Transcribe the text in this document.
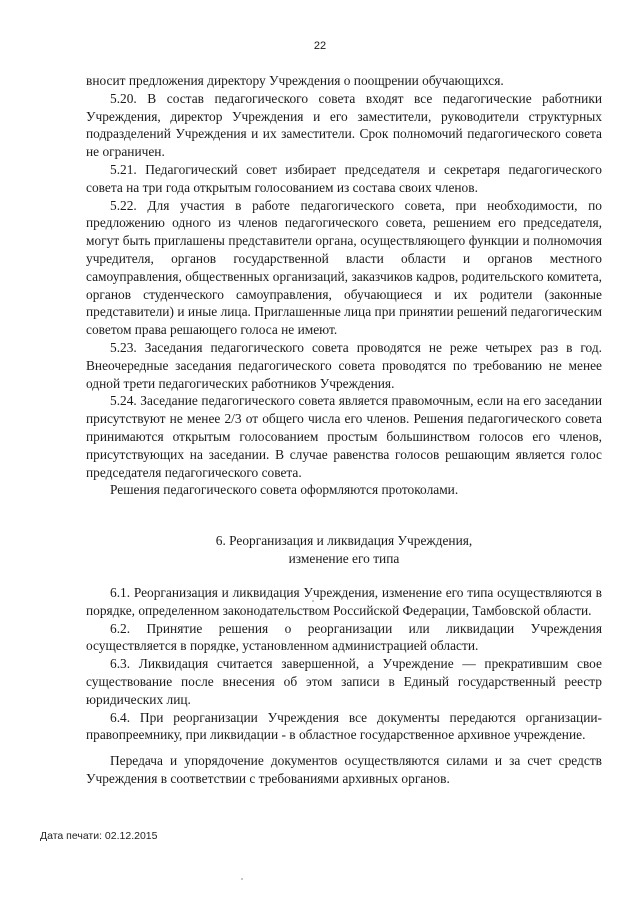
22

вносит предложения директору Учреждения о поощрении обучающихся.

5.20. В состав педагогического совета входят все педагогические работники Учреждения, директор Учреждения и его заместители, руководители структурных подразделений Учреждения и их заместители. Срок полномочий педагогического совета не ограничен.

5.21. Педагогический совет избирает председателя и секретаря педагогического совета на три года открытым голосованием из состава своих членов.

5.22. Для участия в работе педагогического совета, при необходимости, по предложению одного из членов педагогического совета, решением его председателя, могут быть приглашены представители органа, осуществляющего функции и полномочия учредителя, органов государственной власти области и органов местного самоуправления, общественных организаций, заказчиков кадров, родительского комитета, органов студенческого самоуправления, обучающиеся и их родители (законные представители) и иные лица. Приглашенные лица при принятии решений педагогическим советом права решающего голоса не имеют.

5.23. Заседания педагогического совета проводятся не реже четырех раз в год. Внеочередные заседания педагогического совета проводятся по требованию не менее одной трети педагогических работников Учреждения.

5.24. Заседание педагогического совета является правомочным, если на его заседании присутствуют не менее 2/3 от общего числа его членов. Решения педагогического совета принимаются открытым голосованием простым большинством голосов его членов, присутствующих на заседании. В случае равенства голосов решающим является голос председателя педагогического совета.

Решения педагогического совета оформляются протоколами.

6. Реорганизация и ликвидация Учреждения,
изменение его типа

6.1. Реорганизация и ликвидация Учреждения, изменение его типа осуществляются в порядке, определенном законодательством Российской Федерации, Тамбовской области.

6.2. Принятие решения о реорганизации или ликвидации Учреждения осуществляется в порядке, установленном администрацией области.

6.3. Ликвидация считается завершенной, а Учреждение — прекратившим свое существование после внесения об этом записи в Единый государственный реестр юридических лиц.

6.4. При реорганизации Учреждения все документы передаются организации-правопреемнику, при ликвидации - в областное государственное архивное учреждение.

Передача и упорядочение документов осуществляются силами и за счет средств Учреждения в соответствии с требованиями архивных органов.

Дата печати: 02.12.2015
